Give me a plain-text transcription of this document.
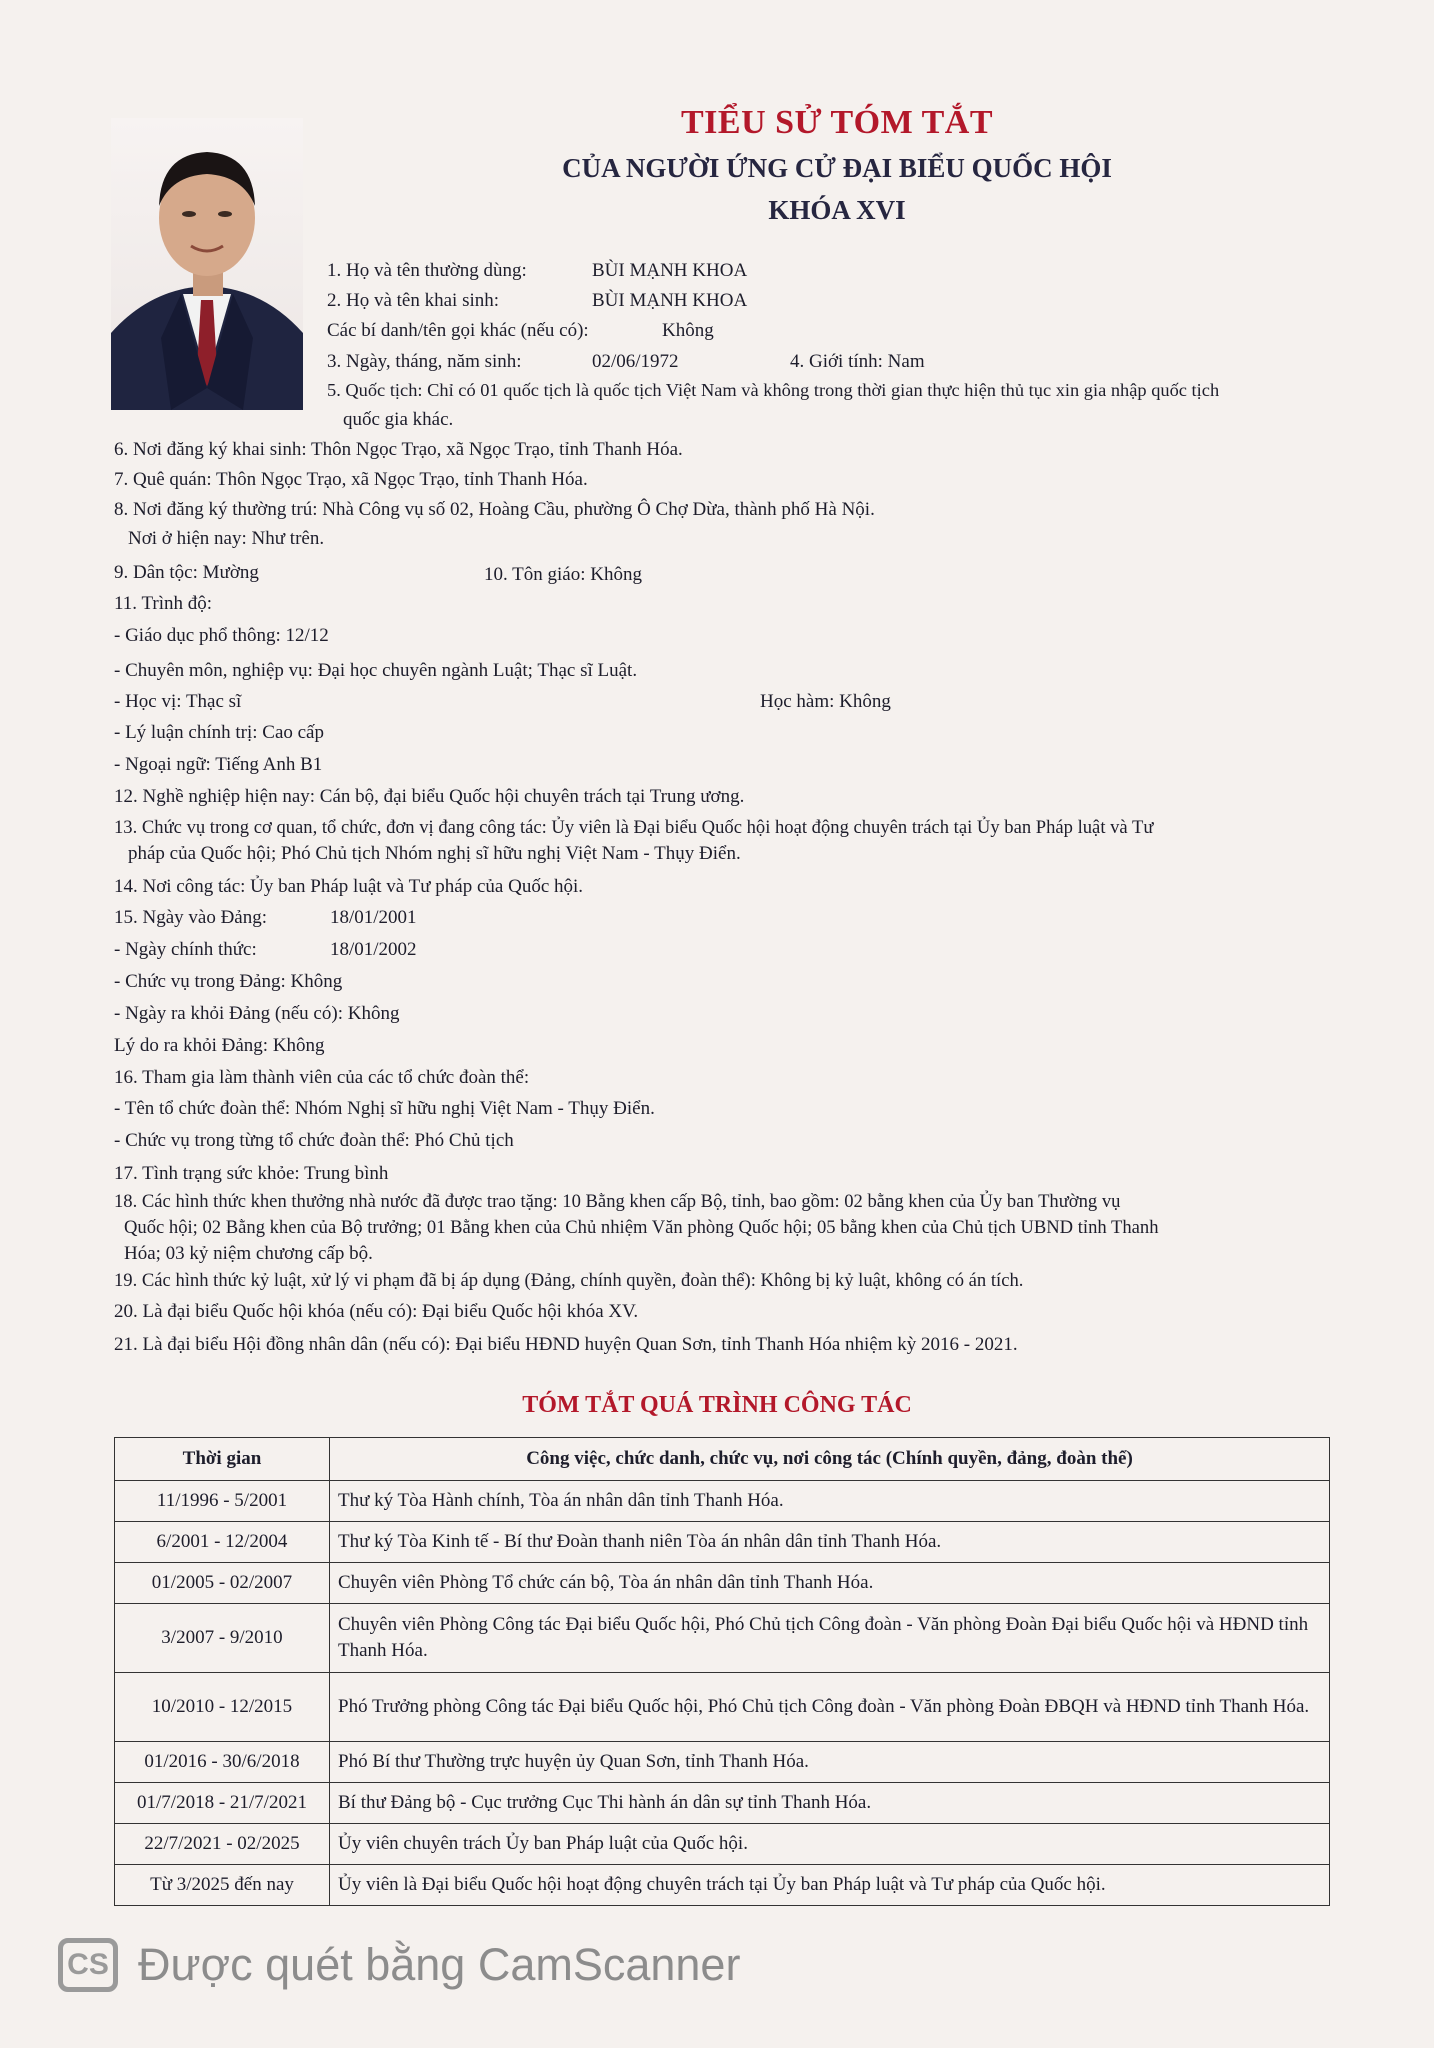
TIỂU SỬ TÓM TẮT
CỦA NGƯỜI ỨNG CỬ ĐẠI BIỂU QUỐC HỘI
KHÓA XVI
1. Họ và tên thường dùng:	BÙI MẠNH KHOA
2. Họ và tên khai sinh:	BÙI MẠNH KHOA
Các bí danh/tên gọi khác (nếu có):	Không
3. Ngày, tháng, năm sinh:	02/06/1972	4. Giới tính: Nam
5. Quốc tịch: Chỉ có 01 quốc tịch là quốc tịch Việt Nam và không trong thời gian thực hiện thủ tục xin gia nhập quốc tịch
quốc gia khác.
6. Nơi đăng ký khai sinh: Thôn Ngọc Trạo, xã Ngọc Trạo, tỉnh Thanh Hóa.
7. Quê quán: Thôn Ngọc Trạo, xã Ngọc Trạo, tỉnh Thanh Hóa.
8. Nơi đăng ký thường trú: Nhà Công vụ số 02, Hoàng Cầu, phường Ô Chợ Dừa, thành phố Hà Nội.
Nơi ở hiện nay: Như trên.
9. Dân tộc: Mường	10. Tôn giáo: Không
11. Trình độ:
- Giáo dục phổ thông: 12/12
- Chuyên môn, nghiệp vụ: Đại học chuyên ngành Luật; Thạc sĩ Luật.
- Học vị: Thạc sĩ	Học hàm: Không
- Lý luận chính trị: Cao cấp
- Ngoại ngữ: Tiếng Anh B1
12. Nghề nghiệp hiện nay: Cán bộ, đại biểu Quốc hội chuyên trách tại Trung ương.
13. Chức vụ trong cơ quan, tổ chức, đơn vị đang công tác: Ủy viên là Đại biểu Quốc hội hoạt động chuyên trách tại Ủy ban Pháp luật và Tư
pháp của Quốc hội; Phó Chủ tịch Nhóm nghị sĩ hữu nghị Việt Nam - Thụy Điển.
14. Nơi công tác: Ủy ban Pháp luật và Tư pháp của Quốc hội.
15. Ngày vào Đảng:	18/01/2001
- Ngày chính thức:	18/01/2002
- Chức vụ trong Đảng: Không
- Ngày ra khỏi Đảng (nếu có): Không
Lý do ra khỏi Đảng: Không
16. Tham gia làm thành viên của các tổ chức đoàn thể:
- Tên tổ chức đoàn thể: Nhóm Nghị sĩ hữu nghị Việt Nam - Thụy Điển.
- Chức vụ trong từng tổ chức đoàn thể: Phó Chủ tịch
17. Tình trạng sức khỏe: Trung bình
18. Các hình thức khen thưởng nhà nước đã được trao tặng: 10 Bằng khen cấp Bộ, tỉnh, bao gồm: 02 bằng khen của Ủy ban Thường vụ
Quốc hội; 02 Bằng khen của Bộ trưởng; 01 Bằng khen của Chủ nhiệm Văn phòng Quốc hội; 05 bằng khen của Chủ tịch UBND tỉnh Thanh
Hóa; 03 kỷ niệm chương cấp bộ.
19. Các hình thức kỷ luật, xử lý vi phạm đã bị áp dụng (Đảng, chính quyền, đoàn thể): Không bị kỷ luật, không có án tích.
20. Là đại biểu Quốc hội khóa (nếu có): Đại biểu Quốc hội khóa XV.
21. Là đại biểu Hội đồng nhân dân (nếu có): Đại biểu HĐND huyện Quan Sơn, tỉnh Thanh Hóa nhiệm kỳ 2016 - 2021.
TÓM TẮT QUÁ TRÌNH CÔNG TÁC
Thời gian	Công việc, chức danh, chức vụ, nơi công tác (Chính quyền, đảng, đoàn thể)
11/1996 - 5/2001	Thư ký Tòa Hành chính, Tòa án nhân dân tỉnh Thanh Hóa.
6/2001 - 12/2004	Thư ký Tòa Kinh tế - Bí thư Đoàn thanh niên Tòa án nhân dân tỉnh Thanh Hóa.
01/2005 - 02/2007	Chuyên viên Phòng Tổ chức cán bộ, Tòa án nhân dân tỉnh Thanh Hóa.
3/2007 - 9/2010	Chuyên viên Phòng Công tác Đại biểu Quốc hội, Phó Chủ tịch Công đoàn - Văn phòng Đoàn Đại biểu Quốc hội và HĐND tỉnh Thanh Hóa.
10/2010 - 12/2015	Phó Trưởng phòng Công tác Đại biểu Quốc hội, Phó Chủ tịch Công đoàn - Văn phòng Đoàn ĐBQH và HĐND tỉnh Thanh Hóa.
01/2016 - 30/6/2018	Phó Bí thư Thường trực huyện ủy Quan Sơn, tỉnh Thanh Hóa.
01/7/2018 - 21/7/2021	Bí thư Đảng bộ - Cục trưởng Cục Thi hành án dân sự tỉnh Thanh Hóa.
22/7/2021 - 02/2025	Ủy viên chuyên trách Ủy ban Pháp luật của Quốc hội.
Từ 3/2025 đến nay	Ủy viên là Đại biểu Quốc hội hoạt động chuyên trách tại Ủy ban Pháp luật và Tư pháp của Quốc hội.
CS Được quét bằng CamScanner
